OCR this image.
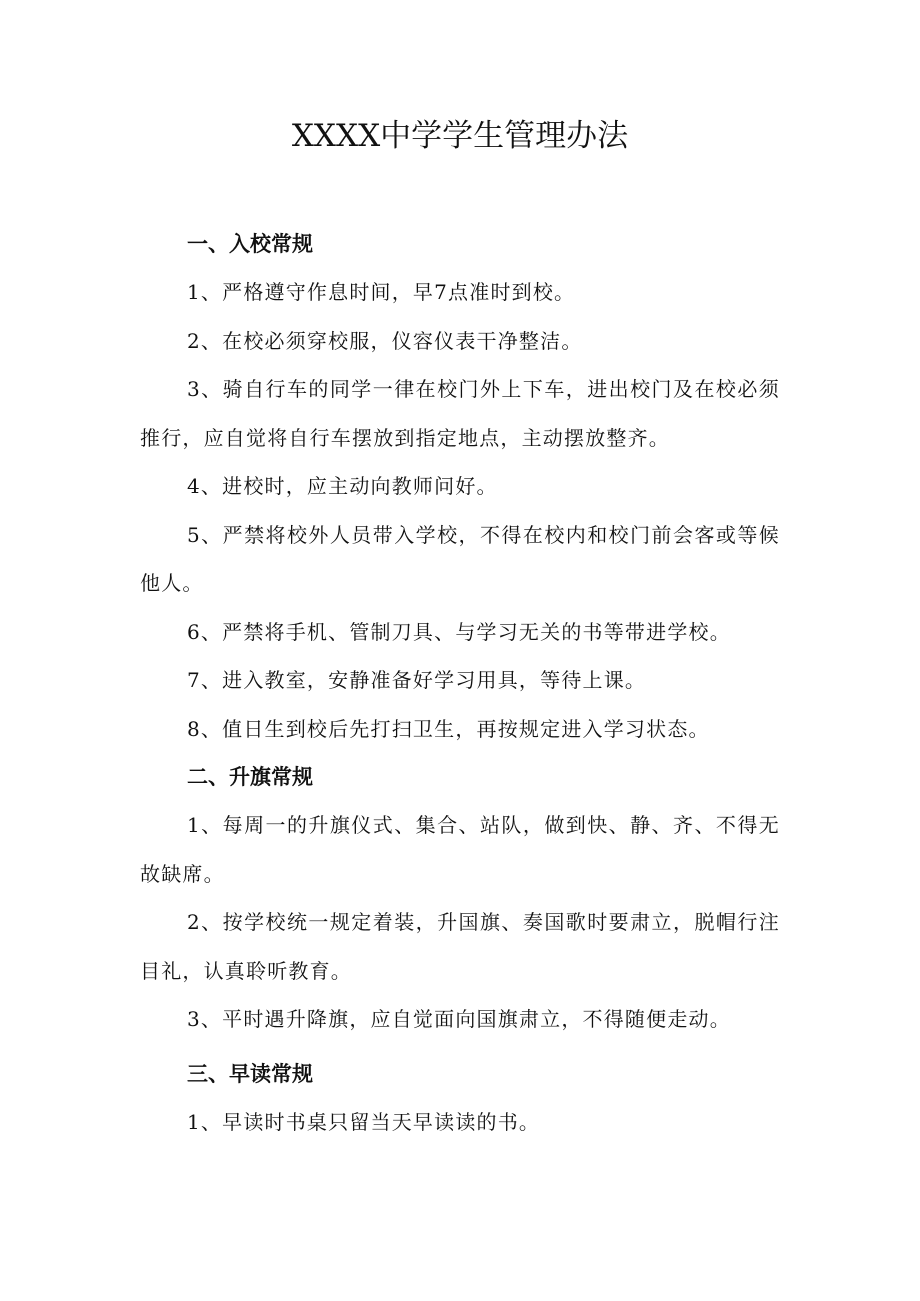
XXXX中学学生管理办法
一、入校常规

1、严格遵守作息时间，早7点准时到校。

2、在校必须穿校服，仪容仪表干净整洁。

3、骑自行车的同学一律在校门外上下车，进出校门及在校必须推行，应自觉将自行车摆放到指定地点，主动摆放整齐。

4、进校时，应主动向教师问好。

5、严禁将校外人员带入学校，不得在校内和校门前会客或等候他人。

6、严禁将手机、管制刀具、与学习无关的书等带进学校。

7、进入教室，安静准备好学习用具，等待上课。

8、值日生到校后先打扫卫生，再按规定进入学习状态。

二、升旗常规

1、每周一的升旗仪式、集合、站队，做到快、静、齐、不得无故缺席。

2、按学校统一规定着装，升国旗、奏国歌时要肃立，脱帽行注目礼，认真聆听教育。

3、平时遇升降旗，应自觉面向国旗肃立，不得随便走动。

三、早读常规

1、早读时书桌只留当天早读读的书。
